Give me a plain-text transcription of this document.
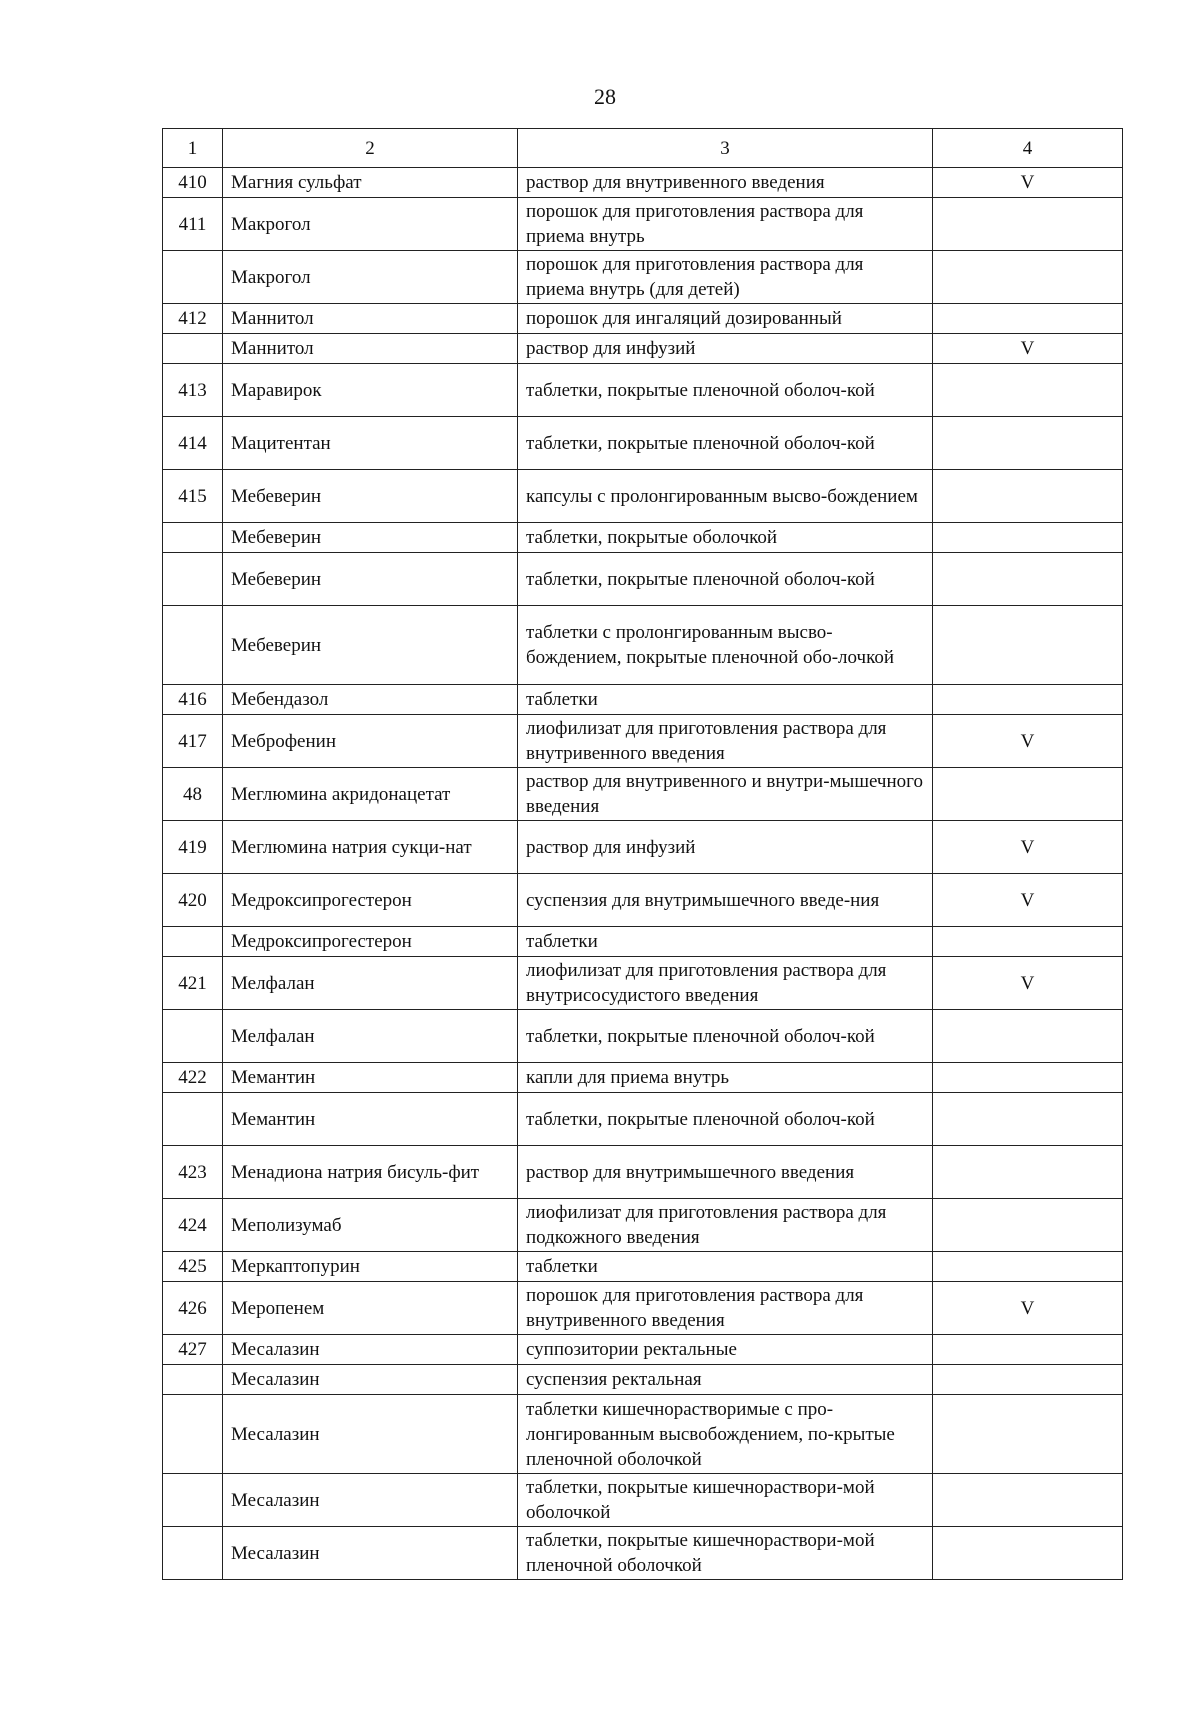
28
1	2	3	4
410	Магния сульфат	раствор для внутривенного введения	V
411	Макрогол	порошок для приготовления раствора для приема внутрь	
	Макрогол	порошок для приготовления раствора для приема внутрь (для детей)	
412	Маннитол	порошок для ингаляций дозированный	
	Маннитол	раствор для инфузий	V
413	Маравирок	таблетки, покрытые пленочной оболоч-кой	
414	Мацитентан	таблетки, покрытые пленочной оболоч-кой	
415	Мебеверин	капсулы с пролонгированным высво-бождением	
	Мебеверин	таблетки, покрытые оболочкой	
	Мебеверин	таблетки, покрытые пленочной оболоч-кой	
	Мебеверин	таблетки с пролонгированным высво-бождением, покрытые пленочной обо-лочкой	
416	Мебендазол	таблетки	
417	Меброфенин	лиофилизат для приготовления раствора для внутривенного введения	V
48	Меглюмина акридонацетат	раствор для внутривенного и внутри-мышечного введения	
419	Меглюмина натрия сукци-нат	раствор для инфузий	V
420	Медроксипрогестерон	суспензия для внутримышечного введе-ния	V
	Медроксипрогестерон	таблетки	
421	Мелфалан	лиофилизат для приготовления раствора для внутрисосудистого введения	V
	Мелфалан	таблетки, покрытые пленочной оболоч-кой	
422	Мемантин	капли для приема внутрь	
	Мемантин	таблетки, покрытые пленочной оболоч-кой	
423	Менадиона натрия бисуль-фит	раствор для внутримышечного введения	
424	Меполизумаб	лиофилизат для приготовления раствора для подкожного введения	
425	Меркаптопурин	таблетки	
426	Меропенем	порошок для приготовления раствора для внутривенного введения	V
427	Месалазин	суппозитории ректальные	
	Месалазин	суспензия ректальная	
	Месалазин	таблетки кишечнорастворимые с про-лонгированным высвобождением, по-крытые пленочной оболочкой	
	Месалазин	таблетки, покрытые кишечнораствори-мой оболочкой	
	Месалазин	таблетки, покрытые кишечнораствори-мой пленочной оболочкой	
